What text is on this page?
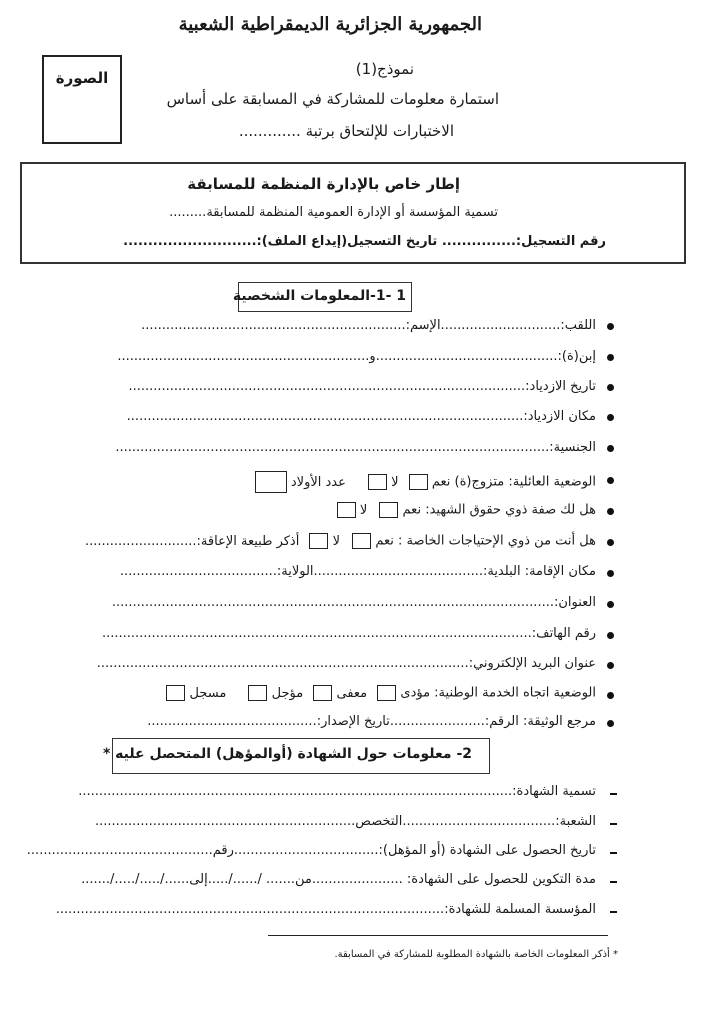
الجمهورية الجزائرية الديمقراطية الشعبية
نموذج(1)
استمارة معلومات للمشاركة في المسابقة على أساس
الاختبارات للإلتحاق برتبة .............
الصورة
إطار خاص بالإدارة المنظمة للمسابقة
تسمية المؤسسة أو الإدارة العمومية المنظمة للمسابقة.........
رقم التسجيل:............... تاريخ التسجيل(إيداع الملف):...........................
1 -1-المعلومات الشخصية
اللقب:.............................الإسم:................................................................
إبن(ة):............................................و.............................................................
تاريخ الازدياد:................................................................................................
مكان الازدياد:................................................................................................
الجنسية:.........................................................................................................
الوضعية العائلية: متزوج(ة) نعم  لا  عدد الأولاد
هل لك صفة ذوي حقوق الشهيد: نعم  لا
هل أنت من ذوي الإحتياجات الخاصة : نعم  لا  أذكر طبيعة الإعاقة:...........................
مكان الإقامة: البلدية:.........................................الولاية:......................................
العنوان:...........................................................................................................
رقم الهاتف:........................................................................................................
عنوان البريد الإلكتروني:..........................................................................................
الوضعية اتجاه الخدمة الوطنية: مؤدى  معفى  مؤجل  مسجل
مرجع الوثيقة: الرقم:.......................تاريخ الإصدار:.........................................
2- معلومات حول الشهادة (أوالمؤهل) المتحصل عليه *
تسمية الشهادة:.........................................................................................................
الشعبة:.....................................التخصص...............................................................
تاريخ الحصول على الشهادة (أو المؤهل):...................................رقم.............................................
مدة التكوين للحصول على الشهادة: ......................من....... /....../.....إلى....../...../...../.......
المؤسسة المسلمة للشهادة:..............................................................................................
* أذكر المعلومات الخاصة بالشهادة المطلوبة للمشاركة في المسابقة.
